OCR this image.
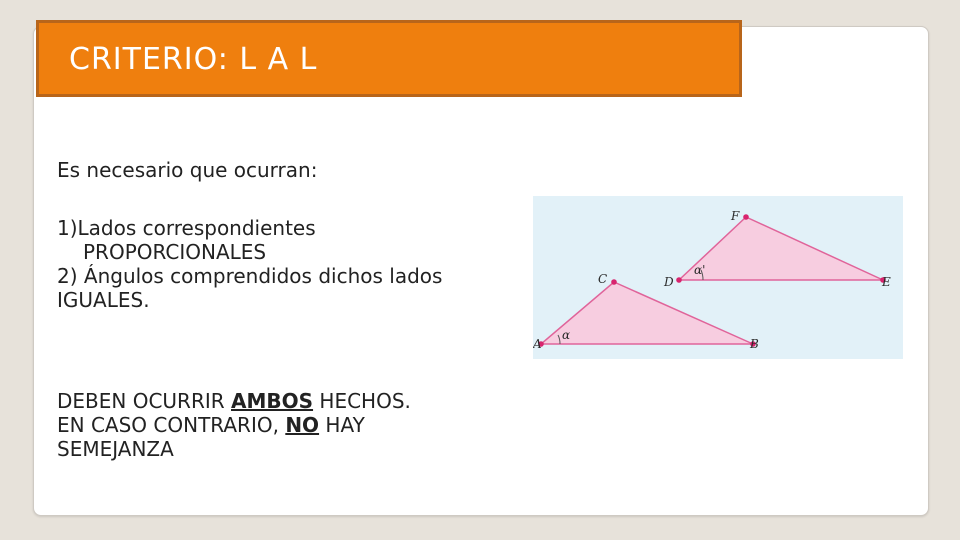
CRITERIO: L A L
Es necesario que ocurran:
1)Lados correspondientes
PROPORCIONALES
2) Ángulos comprendidos dichos lados
IGUALES.
DEBEN OCURRIR AMBOS HECHOS.
EN CASO CONTRARIO, NO HAY
SEMEJANZA
A	B
C	D	E
F
α
α'
